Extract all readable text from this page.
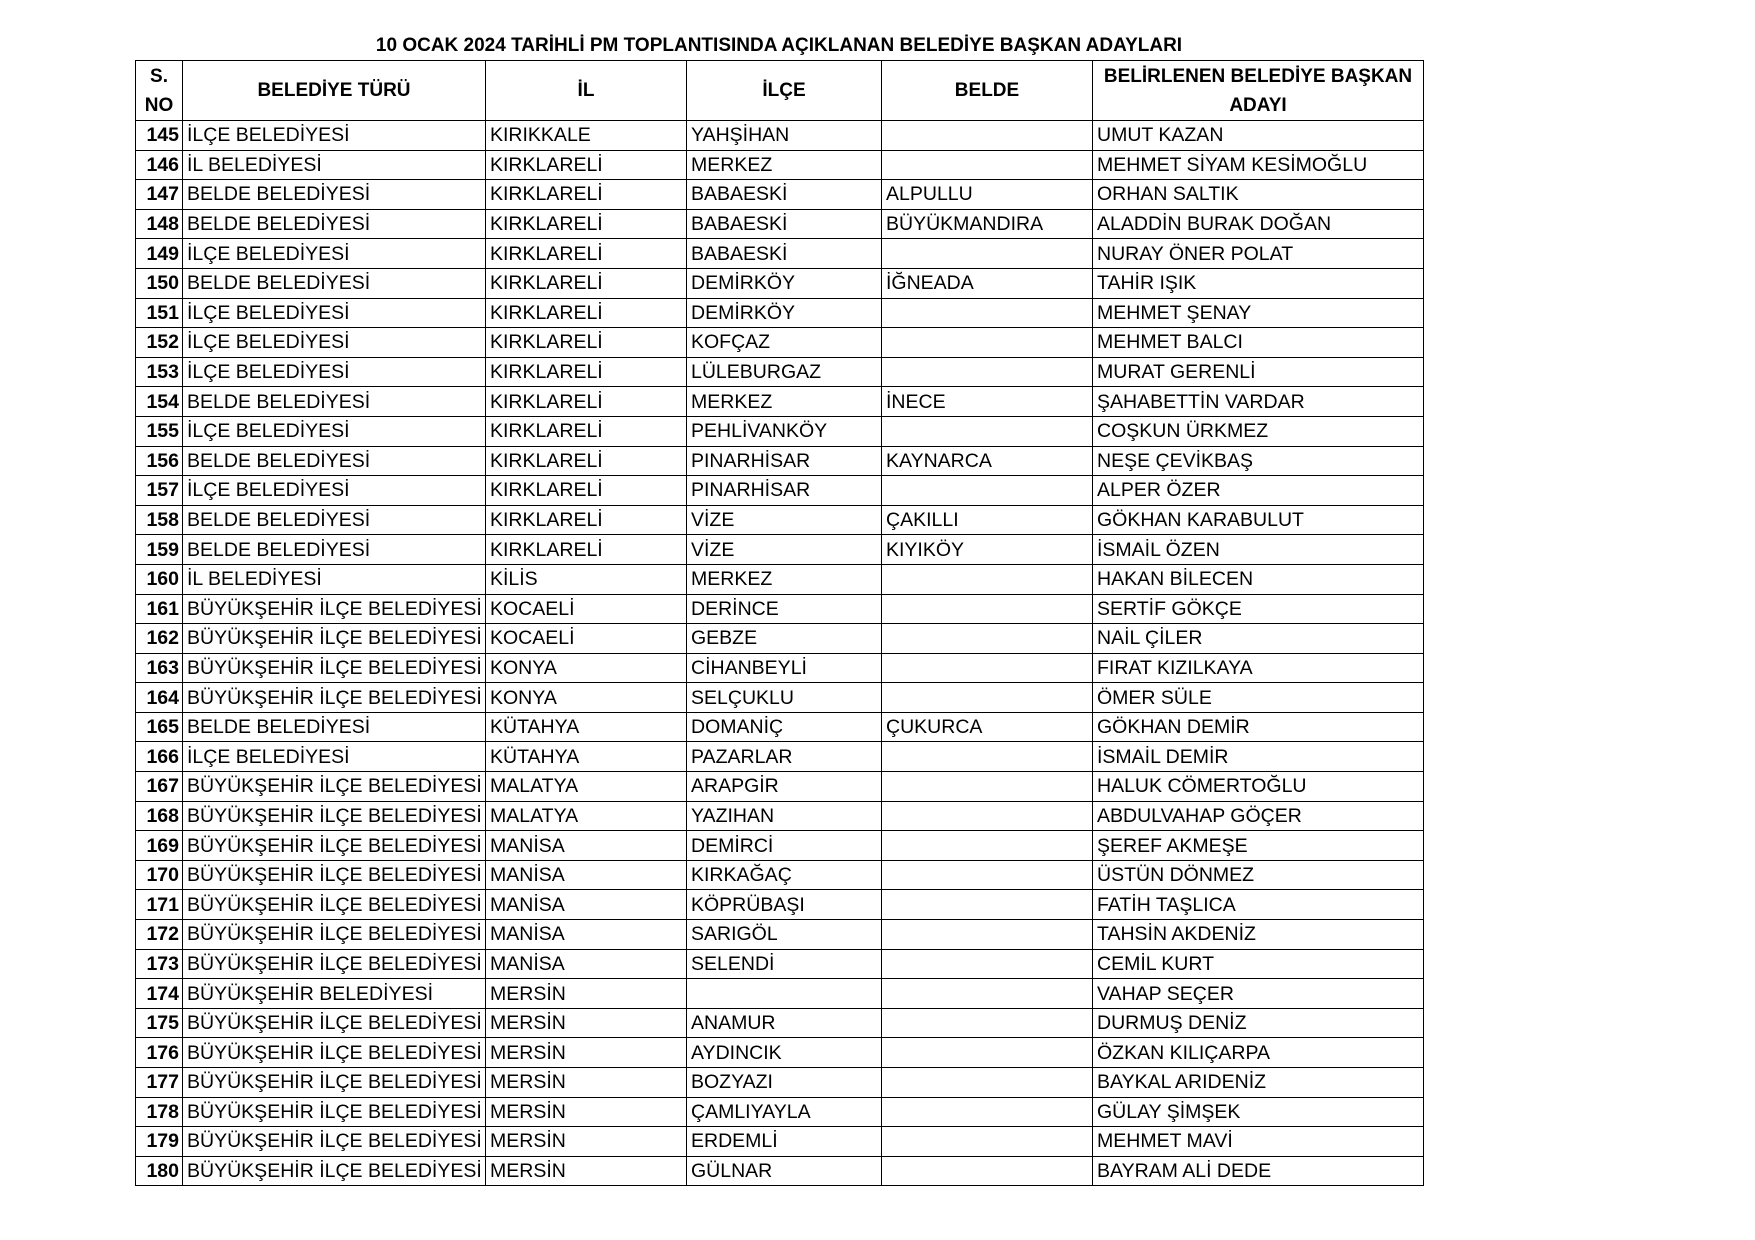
10 OCAK 2024 TARİHLİ PM TOPLANTISINDA AÇIKLANAN BELEDİYE BAŞKAN ADAYLARI
S. NO	BELEDİYE TÜRÜ	İL	İLÇE	BELDE	BELİRLENEN BELEDİYE BAŞKAN ADAYI
145	İLÇE BELEDİYESİ	KIRIKKALE	YAHŞİHAN		UMUT KAZAN
146	İL BELEDİYESİ	KIRKLARELİ	MERKEZ		MEHMET SİYAM KESİMOĞLU
147	BELDE BELEDİYESİ	KIRKLARELİ	BABAESKİ	ALPULLU	ORHAN SALTIK
148	BELDE BELEDİYESİ	KIRKLARELİ	BABAESKİ	BÜYÜKMANDIRA	ALADDİN BURAK DOĞAN
149	İLÇE BELEDİYESİ	KIRKLARELİ	BABAESKİ		NURAY ÖNER POLAT
150	BELDE BELEDİYESİ	KIRKLARELİ	DEMİRKÖY	İĞNEADA	TAHİR IŞIK
151	İLÇE BELEDİYESİ	KIRKLARELİ	DEMİRKÖY		MEHMET ŞENAY
152	İLÇE BELEDİYESİ	KIRKLARELİ	KOFÇAZ		MEHMET BALCI
153	İLÇE BELEDİYESİ	KIRKLARELİ	LÜLEBURGAZ		MURAT GERENLİ
154	BELDE BELEDİYESİ	KIRKLARELİ	MERKEZ	İNECE	ŞAHABETTİN VARDAR
155	İLÇE BELEDİYESİ	KIRKLARELİ	PEHLİVANKÖY		COŞKUN ÜRKMEZ
156	BELDE BELEDİYESİ	KIRKLARELİ	PINARHİSAR	KAYNARCA	NEŞE ÇEVİKBAŞ
157	İLÇE BELEDİYESİ	KIRKLARELİ	PINARHİSAR		ALPER ÖZER
158	BELDE BELEDİYESİ	KIRKLARELİ	VİZE	ÇAKILLI	GÖKHAN KARABULUT
159	BELDE BELEDİYESİ	KIRKLARELİ	VİZE	KIYIKÖY	İSMAİL ÖZEN
160	İL BELEDİYESİ	KİLİS	MERKEZ		HAKAN BİLECEN
161	BÜYÜKŞEHİR İLÇE BELEDİYESİ	KOCAELİ	DERİNCE		SERTİF GÖKÇE
162	BÜYÜKŞEHİR İLÇE BELEDİYESİ	KOCAELİ	GEBZE		NAİL ÇİLER
163	BÜYÜKŞEHİR İLÇE BELEDİYESİ	KONYA	CİHANBEYLİ		FIRAT KIZILKAYA
164	BÜYÜKŞEHİR İLÇE BELEDİYESİ	KONYA	SELÇUKLU		ÖMER SÜLE
165	BELDE BELEDİYESİ	KÜTAHYA	DOMANİÇ	ÇUKURCA	GÖKHAN DEMİR
166	İLÇE BELEDİYESİ	KÜTAHYA	PAZARLAR		İSMAİL DEMİR
167	BÜYÜKŞEHİR İLÇE BELEDİYESİ	MALATYA	ARAPGİR		HALUK CÖMERTOĞLU
168	BÜYÜKŞEHİR İLÇE BELEDİYESİ	MALATYA	YAZIHAN		ABDULVAHAP GÖÇER
169	BÜYÜKŞEHİR İLÇE BELEDİYESİ	MANİSA	DEMİRCİ		ŞEREF AKMEŞE
170	BÜYÜKŞEHİR İLÇE BELEDİYESİ	MANİSA	KIRKAĞAÇ		ÜSTÜN DÖNMEZ
171	BÜYÜKŞEHİR İLÇE BELEDİYESİ	MANİSA	KÖPRÜBAŞI		FATİH TAŞLICA
172	BÜYÜKŞEHİR İLÇE BELEDİYESİ	MANİSA	SARIGÖL		TAHSİN AKDENİZ
173	BÜYÜKŞEHİR İLÇE BELEDİYESİ	MANİSA	SELENDİ		CEMİL KURT
174	BÜYÜKŞEHİR BELEDİYESİ	MERSİN			VAHAP SEÇER
175	BÜYÜKŞEHİR İLÇE BELEDİYESİ	MERSİN	ANAMUR		DURMUŞ DENİZ
176	BÜYÜKŞEHİR İLÇE BELEDİYESİ	MERSİN	AYDINCIK		ÖZKAN KILIÇARPA
177	BÜYÜKŞEHİR İLÇE BELEDİYESİ	MERSİN	BOZYAZI		BAYKAL ARIDENİZ
178	BÜYÜKŞEHİR İLÇE BELEDİYESİ	MERSİN	ÇAMLIYAYLA		GÜLAY ŞİMŞEK
179	BÜYÜKŞEHİR İLÇE BELEDİYESİ	MERSİN	ERDEMLİ		MEHMET MAVİ
180	BÜYÜKŞEHİR İLÇE BELEDİYESİ	MERSİN	GÜLNAR		BAYRAM ALİ DEDE
